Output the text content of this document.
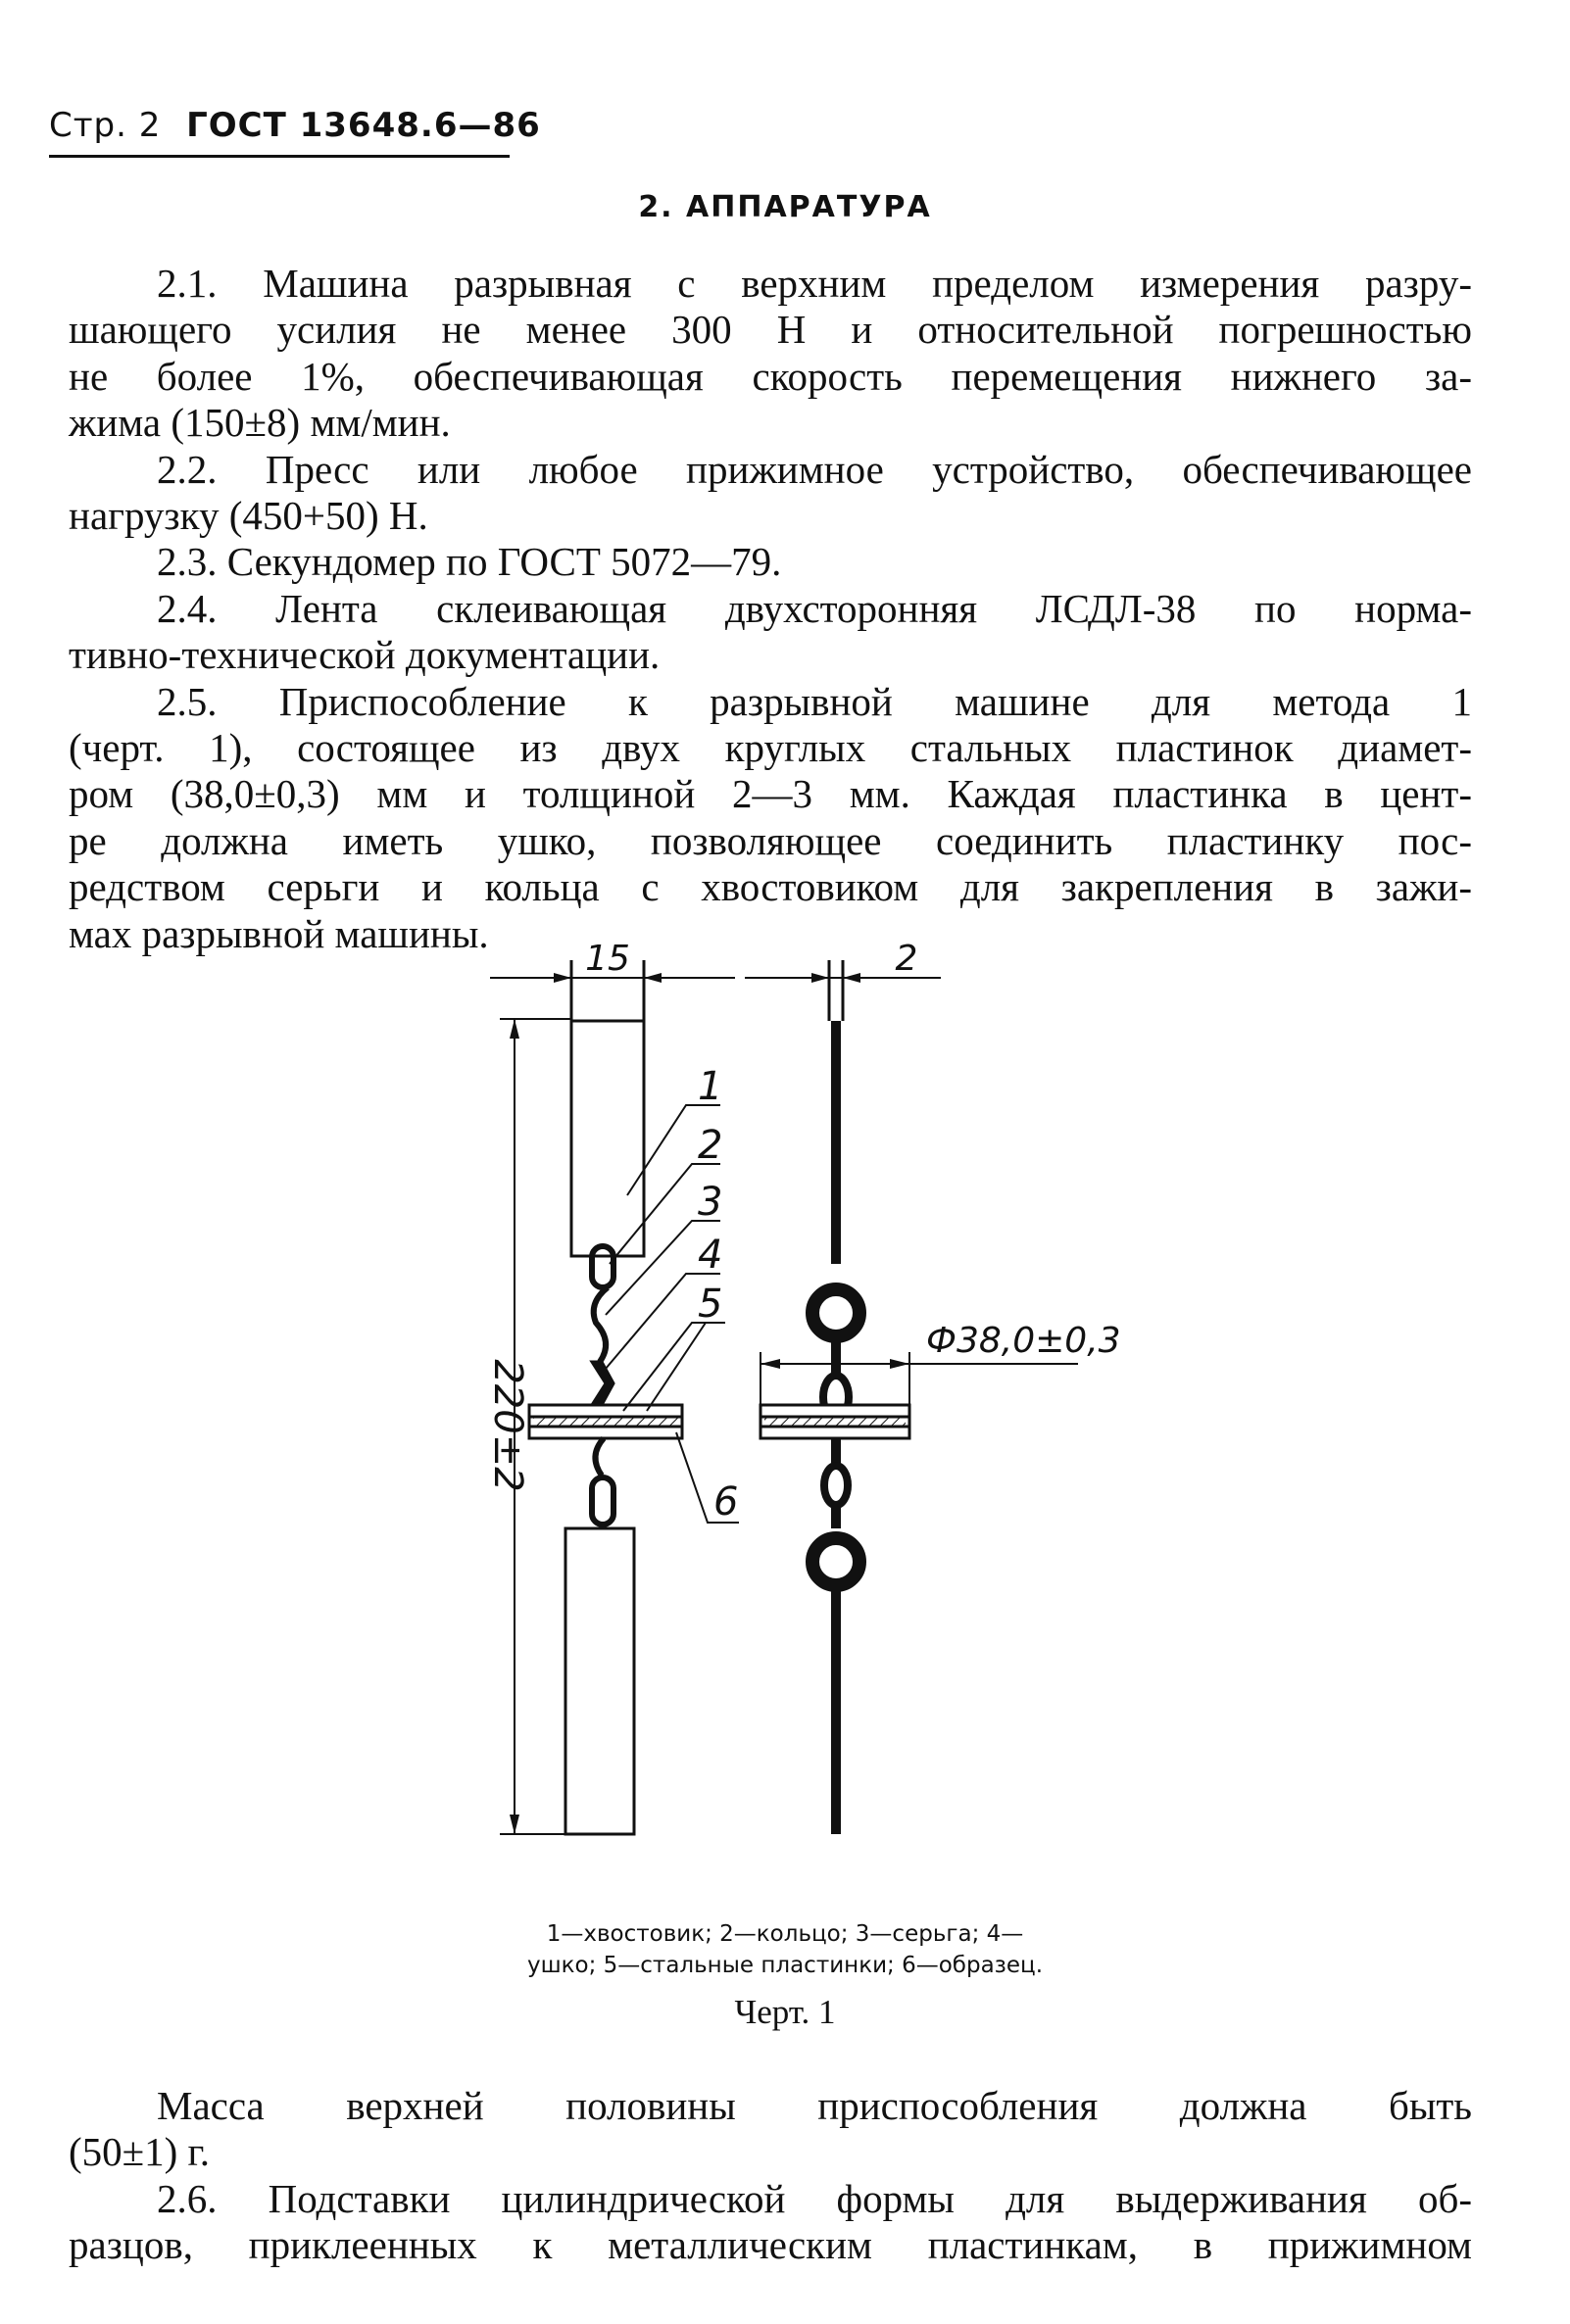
Стр. 2 ГОСТ 13648.6—86
2. АППАРАТУРА
2.1. Машина разрывная с верхним пределом измерения разру-
шающего усилия не менее 300 Н и относительной погрешностью
не более 1%, обеспечивающая скорость перемещения нижнего за-
жима (150±8) мм/мин.
2.2. Пресс или любое прижимное устройство, обеспечивающее
нагрузку (450+50) Н.
2.3. Секундомер по ГОСТ 5072—79.
2.4. Лента склеивающая двухсторонняя ЛСДЛ-38 по норма-
тивно-технической документации.
2.5. Приспособление к разрывной машине для метода 1
(черт. 1), состоящее из двух круглых стальных пластинок диамет-
ром (38,0±0,3) мм и толщиной 2—3 мм. Каждая пластинка в цент-
ре должна иметь ушко, позволяющее соединить пластинку пос-
редством серьги и кольца с хвостовиком для закрепления в зажи-
мах разрывной машины.
15	2
220±2
Ф38,0±0,3
1
2
3
4
5
6
1—хвостовик; 2—кольцо; 3—серьга; 4—
ушко; 5—стальные пластинки; 6—образец.
Черт. 1
Масса верхней половины приспособления должна быть
(50±1) г.
2.6. Подставки цилиндрической формы для выдерживания об-
разцов, приклеенных к металлическим пластинкам, в прижимном
